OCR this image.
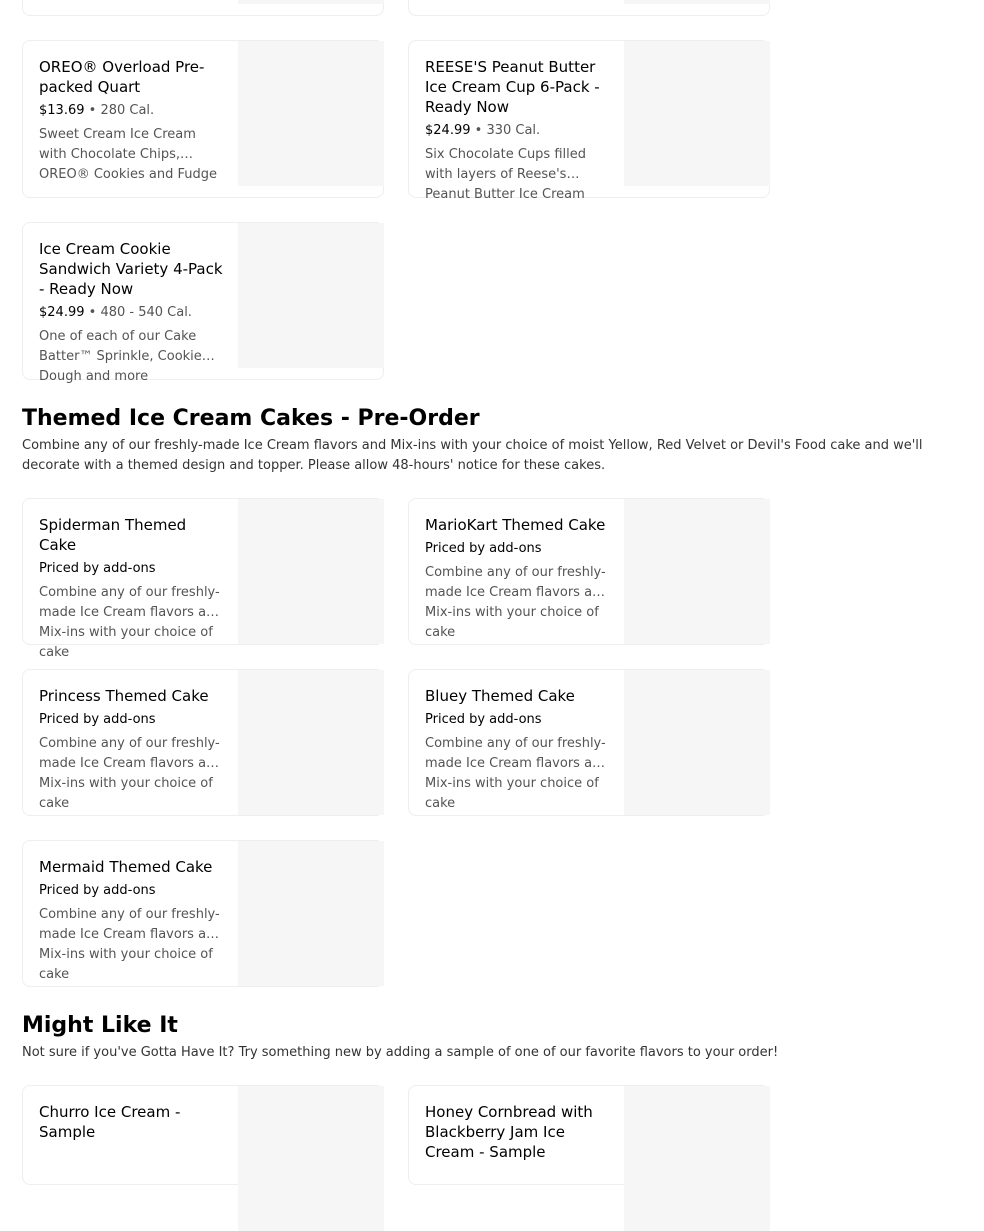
OREO® Overload Pre-packed Quart
$13.69 • 280 Cal.
Sweet Cream Ice Cream with Chocolate Chips, OREO® Cookies and Fudge
REESE'S Peanut Butter Ice Cream Cup 6-Pack - Ready Now
$24.99 • 330 Cal.
Six Chocolate Cups filled with layers of Reese's Peanut Butter Ice Cream
Ice Cream Cookie Sandwich Variety 4-Pack - Ready Now
$24.99 • 480 - 540 Cal.
One of each of our Cake Batter™ Sprinkle, Cookie Dough and more
Themed Ice Cream Cakes - Pre-Order

Combine any of our freshly-made Ice Cream flavors and Mix-ins with your choice of moist Yellow, Red Velvet or Devil's Food cake and we'll decorate with a themed design and topper. Please allow 48-hours' notice for these cakes.

Spiderman Themed Cake
Priced by add-ons
Combine any of our freshly-made Ice Cream flavors and Mix-ins with your choice of cake
MarioKart Themed Cake
Priced by add-ons
Combine any of our freshly-made Ice Cream flavors and Mix-ins with your choice of cake
Princess Themed Cake
Priced by add-ons
Combine any of our freshly-made Ice Cream flavors and Mix-ins with your choice of cake
Bluey Themed Cake
Priced by add-ons
Combine any of our freshly-made Ice Cream flavors and Mix-ins with your choice of cake
Mermaid Themed Cake
Priced by add-ons
Combine any of our freshly-made Ice Cream flavors and Mix-ins with your choice of cake
Might Like It

Not sure if you've Gotta Have It? Try something new by adding a sample of one of our favorite flavors to your order!

Churro Ice Cream - Sample
Honey Cornbread with Blackberry Jam Ice Cream - Sample
